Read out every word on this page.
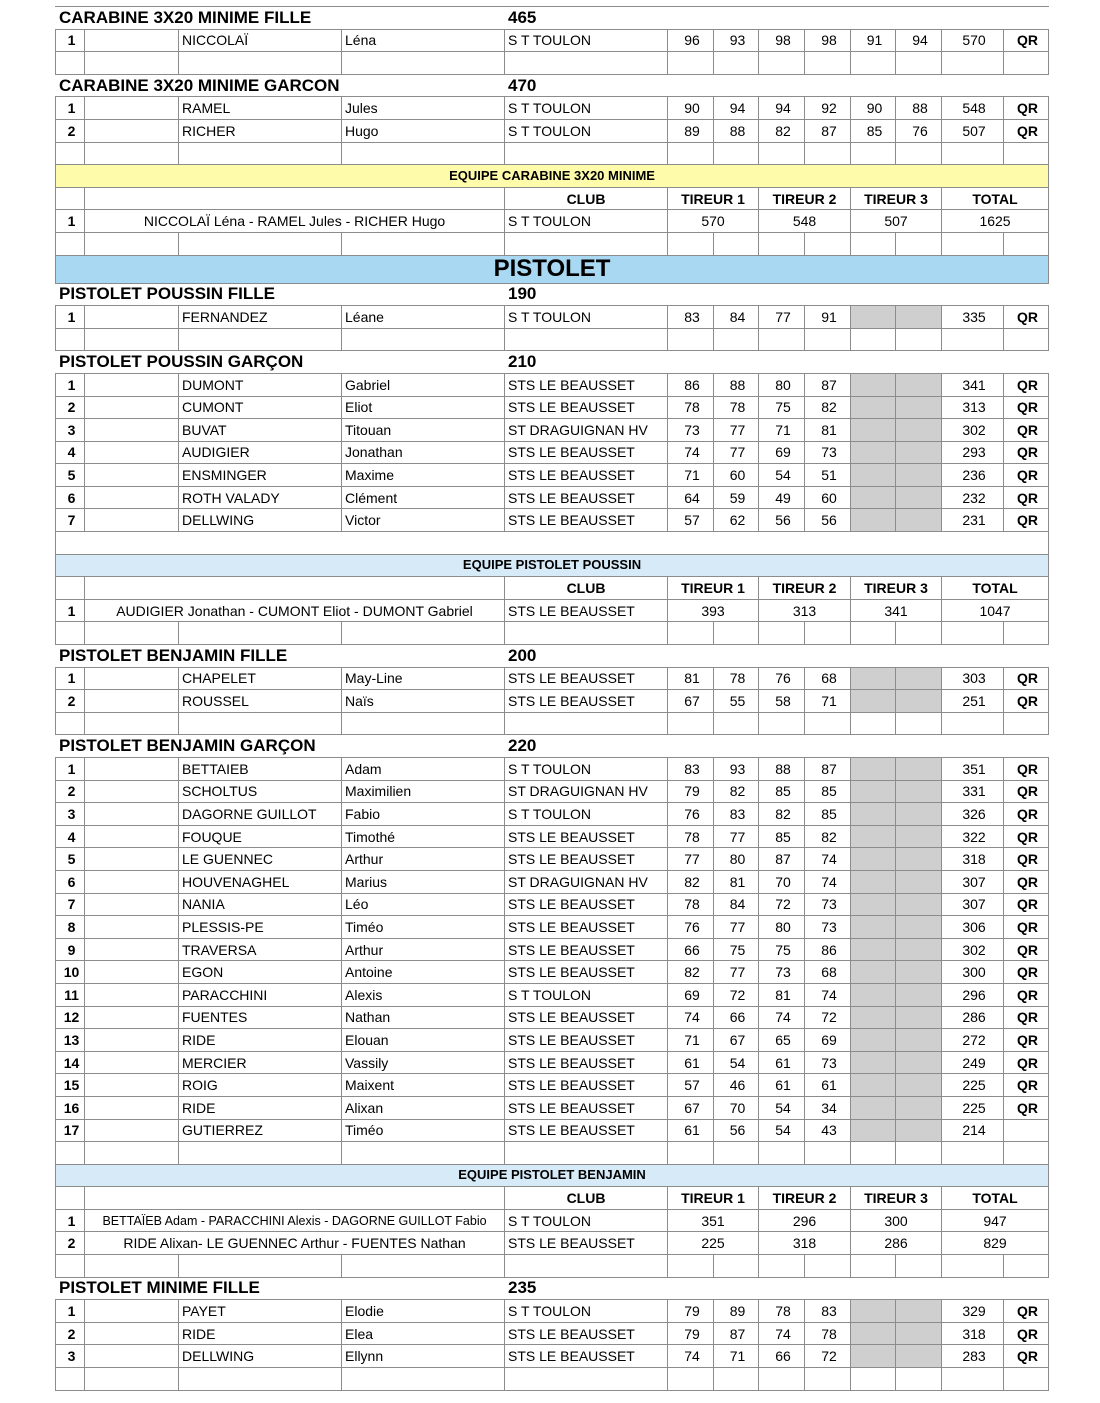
CARABINE 3X20 MINIME FILLE				465								
1		NICCOLAÏ	Léna	S T TOULON	96	93	98	98	91	94	570	QR

CARABINE 3X20 MINIME GARCON				470								
1		RAMEL	Jules	S T TOULON	90	94	94	92	90	88	548	QR
2		RICHER	Hugo	S T TOULON	89	88	82	87	85	76	507	QR

EQUIPE CARABINE 3X20 MINIME												
				CLUB	TIREUR 1		TIREUR 2		TIREUR 3		TOTAL	
1	NICCOLAÏ Léna - RAMEL Jules - RICHER Hugo			S T TOULON	570		548		507		1625	

PISTOLET												
PISTOLET POUSSIN FILLE				190								
1		FERNANDEZ	Léane	S T TOULON	83	84	77	91			335	QR

PISTOLET POUSSIN GARÇON				210								
1		DUMONT	Gabriel	STS LE BEAUSSET	86	88	80	87			341	QR
2		CUMONT	Eliot	STS LE BEAUSSET	78	78	75	82			313	QR
3		BUVAT	Titouan	ST DRAGUIGNAN HV	73	77	71	81			302	QR
4		AUDIGIER	Jonathan	STS LE BEAUSSET	74	77	69	73			293	QR
5		ENSMINGER	Maxime	STS LE BEAUSSET	71	60	54	51			236	QR
6		ROTH VALADY	Clément	STS LE BEAUSSET	64	59	49	60			232	QR
7		DELLWING	Victor	STS LE BEAUSSET	57	62	56	56			231	QR

EQUIPE PISTOLET POUSSIN												
				CLUB	TIREUR 1		TIREUR 2		TIREUR 3		TOTAL	
1	AUDIGIER Jonathan - CUMONT Eliot - DUMONT Gabriel			STS LE BEAUSSET	393		313		341		1047	

PISTOLET BENJAMIN FILLE				200								
1		CHAPELET	May-Line	STS LE BEAUSSET	81	78	76	68			303	QR
2		ROUSSEL	Naïs	STS LE BEAUSSET	67	55	58	71			251	QR

PISTOLET BENJAMIN GARÇON				220								
1		BETTAIEB	Adam	S T TOULON	83	93	88	87			351	QR
2		SCHOLTUS	Maximilien	ST DRAGUIGNAN HV	79	82	85	85			331	QR
3		DAGORNE GUILLOT	Fabio	S T TOULON	76	83	82	85			326	QR
4		FOUQUE	Timothé	STS LE BEAUSSET	78	77	85	82			322	QR
5		LE GUENNEC	Arthur	STS LE BEAUSSET	77	80	87	74			318	QR
6		HOUVENAGHEL	Marius	ST DRAGUIGNAN HV	82	81	70	74			307	QR
7		NANIA	Léo	STS LE BEAUSSET	78	84	72	73			307	QR
8		PLESSIS-PE	Timéo	STS LE BEAUSSET	76	77	80	73			306	QR
9		TRAVERSA	Arthur	STS LE BEAUSSET	66	75	75	86			302	QR
10		EGON	Antoine	STS LE BEAUSSET	82	77	73	68			300	QR
11		PARACCHINI	Alexis	S T TOULON	69	72	81	74			296	QR
12		FUENTES	Nathan	STS LE BEAUSSET	74	66	74	72			286	QR
13		RIDE	Elouan	STS LE BEAUSSET	71	67	65	69			272	QR
14		MERCIER	Vassily	STS LE BEAUSSET	61	54	61	73			249	QR
15		ROIG	Maixent	STS LE BEAUSSET	57	46	61	61			225	QR
16		RIDE	Alixan	STS LE BEAUSSET	67	70	54	34			225	QR
17		GUTIERREZ	Timéo	STS LE BEAUSSET	61	56	54	43			214	

EQUIPE PISTOLET BENJAMIN												
				CLUB	TIREUR 1		TIREUR 2		TIREUR 3		TOTAL	
1	BETTAÏEB Adam - PARACCHINI Alexis - DAGORNE GUILLOT Fabio			S T TOULON	351		296		300		947	
2	RIDE Alixan- LE GUENNEC Arthur - FUENTES Nathan			STS LE BEAUSSET	225		318		286		829	

PISTOLET MINIME FILLE				235								
1		PAYET	Elodie	S T TOULON	79	89	78	83			329	QR
2		RIDE	Elea	STS LE BEAUSSET	79	87	74	78			318	QR
3		DELLWING	Ellynn	STS LE BEAUSSET	74	71	66	72			283	QR
